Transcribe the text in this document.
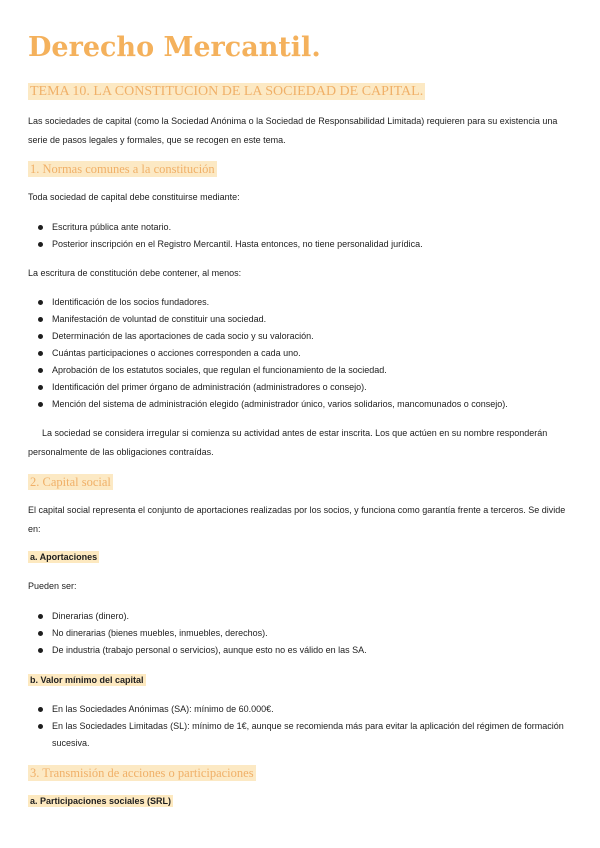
Derecho Mercantil.
TEMA 10. LA CONSTITUCION DE LA SOCIEDAD DE CAPITAL.

Las sociedades de capital (como la Sociedad Anónima o la Sociedad de Responsabilidad Limitada) requieren para su existencia una serie de pasos legales y formales, que se recogen en este tema.

1. Normas comunes a la constitución

Toda sociedad de capital debe constituirse mediante:

Escritura pública ante notario.
Posterior inscripción en el Registro Mercantil. Hasta entonces, no tiene personalidad jurídica.

La escritura de constitución debe contener, al menos:

Identificación de los socios fundadores.
Manifestación de voluntad de constituir una sociedad.
Determinación de las aportaciones de cada socio y su valoración.
Cuántas participaciones o acciones corresponden a cada uno.
Aprobación de los estatutos sociales, que regulan el funcionamiento de la sociedad.
Identificación del primer órgano de administración (administradores o consejo).
Mención del sistema de administración elegido (administrador único, varios solidarios, mancomunados o consejo).

La sociedad se considera irregular si comienza su actividad antes de estar inscrita. Los que actúen en su nombre responderán personalmente de las obligaciones contraídas.

2. Capital social

El capital social representa el conjunto de aportaciones realizadas por los socios, y funciona como garantía frente a terceros. Se divide en:

a. Aportaciones

Pueden ser:

Dinerarias (dinero).
No dinerarias (bienes muebles, inmuebles, derechos).
De industria (trabajo personal o servicios), aunque esto no es válido en las SA.

b. Valor mínimo del capital

En las Sociedades Anónimas (SA): mínimo de 60.000€.
En las Sociedades Limitadas (SL): mínimo de 1€, aunque se recomienda más para evitar la aplicación del régimen de formación sucesiva.
3. Transmisión de acciones o participaciones

a. Participaciones sociales (SRL)
